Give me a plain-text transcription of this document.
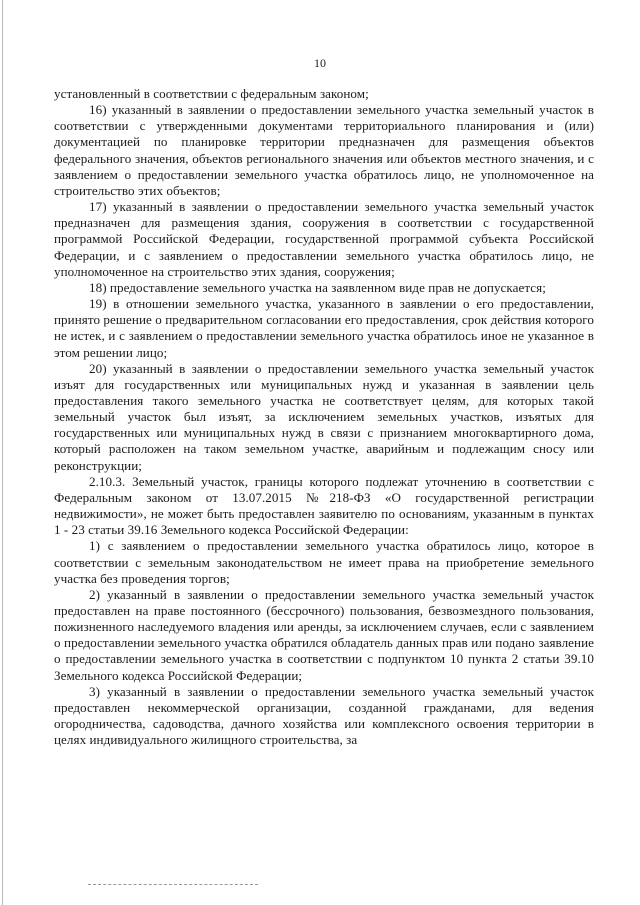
10

установленный в соответствии с федеральным законом;

16) указанный в заявлении о предоставлении земельного участка земельный участок в соответствии с утвержденными документами территориального планирования и (или) документацией по планировке территории предназначен для размещения объектов федерального значения, объектов регионального значения или объектов местного значения, и с заявлением о предоставлении земельного участка обратилось лицо, не уполномоченное на строительство этих объектов;

17) указанный в заявлении о предоставлении земельного участка земельный участок предназначен для размещения здания, сооружения в соответствии с государственной программой Российской Федерации, государственной программой субъекта Российской Федерации, и с заявлением о предоставлении земельного участка обратилось лицо, не уполномоченное на строительство этих здания, сооружения;

18) предоставление земельного участка на заявленном виде прав не допускается;

19) в отношении земельного участка, указанного в заявлении о его предоставлении, принято решение о предварительном согласовании его предоставления, срок действия которого не истек, и с заявлением о предоставлении земельного участка обратилось иное не указанное в этом решении лицо;

20) указанный в заявлении о предоставлении земельного участка земельный участок изъят для государственных или муниципальных нужд и указанная в заявлении цель предоставления такого земельного участка не соответствует целям, для которых такой земельный участок был изъят, за исключением земельных участков, изъятых для государственных или муниципальных нужд в связи с признанием многоквартирного дома, который расположен на таком земельном участке, аварийным и подлежащим сносу или реконструкции;

2.10.3. Земельный участок, границы которого подлежат уточнению в соответствии с Федеральным законом от 13.07.2015 №218-ФЗ «О государственной регистрации недвижимости», не может быть предоставлен заявителю по основаниям, указанным в пунктах 1 - 23 статьи 39.16 Земельного кодекса Российской Федерации:

1) с заявлением о предоставлении земельного участка обратилось лицо, которое в соответствии с земельным законодательством не имеет права на приобретение земельного участка без проведения торгов;

2) указанный в заявлении о предоставлении земельного участка земельный участок предоставлен на праве постоянного (бессрочного) пользования, безвозмездного пользования, пожизненного наследуемого владения или аренды, за исключением случаев, если с заявлением о предоставлении земельного участка обратился обладатель данных прав или подано заявление о предоставлении земельного участка в соответствии с подпунктом 10 пункта 2 статьи 39.10 Земельного кодекса Российской Федерации;

3) указанный в заявлении о предоставлении земельного участка земельный участок предоставлен некоммерческой организации, созданной гражданами, для ведения огородничества, садоводства, дачного хозяйства или комплексного освоения территории в целях индивидуального жилищного строительства, за
